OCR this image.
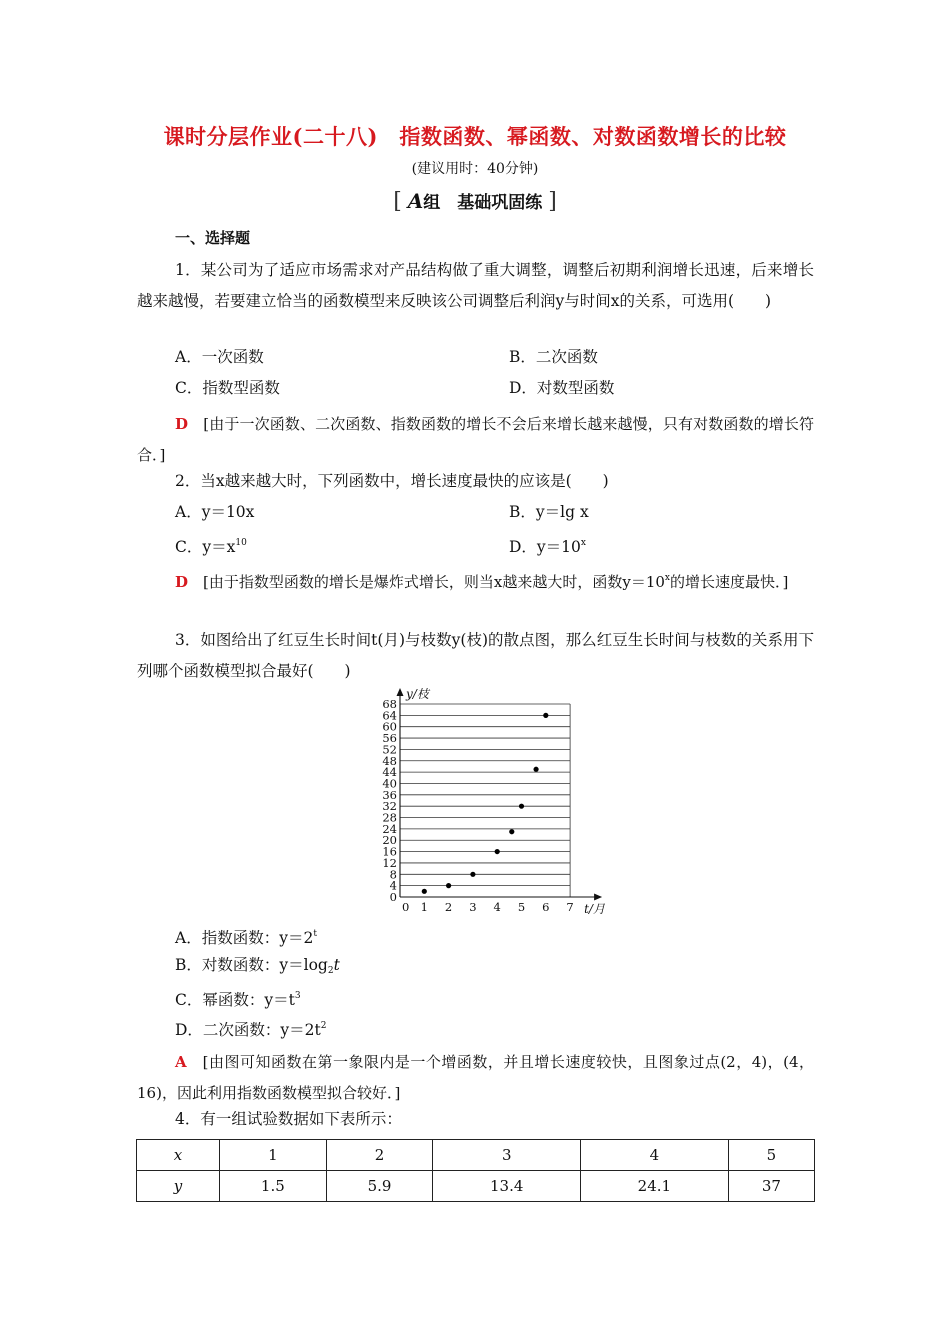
课时分层作业(二十八)　指数函数、幂函数、对数函数增长的比较
(建议用时：40分钟)
[ A组　基础巩固练 ]
一、选择题
1．某公司为了适应市场需求对产品结构做了重大调整，调整后初期利润增长迅速，后来增长越来越慢，若要建立恰当的函数模型来反映该公司调整后利润y与时间x的关系，可选用(　　)
A．一次函数	B．二次函数
C．指数型函数	D．对数型函数
D　 [由于一次函数、二次函数、指数函数的增长不会后来增长越来越慢，只有对数函数的增长符合．]
2．当x越来越大时，下列函数中，增长速度最快的应该是(　　)
A．y＝10x	B．y＝lg x
C．$y=x^{10}$	D．$y=10^x$
D　 [由于指数型函数的增长是爆炸式增长，则当x越来越大时，函数$y=10^x$的增长速度最快．]
3．如图给出了红豆生长时间t(月)与枝数y(枝)的散点图，那么红豆生长时间与枝数的关系用下列哪个函数模型拟合最好(　　)
0
4
8
12
16
20
24
28
32
36
40
44
48
52
56
60
64
68
1 2 3 4 5 6 7
0
y/枝
t/月
A．指数函数：$y=2^t$
B．对数函数：$y=\log_2t$
C．幂函数：$y=t^3$
D．二次函数：$y=2t^2$
A　 [由图可知函数在第一象限内是一个增函数，并且增长速度较快，且图象过点(2，4)，(4，16)，因此利用指数函数模型拟合较好．]
4．有一组试验数据如下表所示：
x	1	2	3	4	5
y	1.5	5.9	13.4	24.1	37
